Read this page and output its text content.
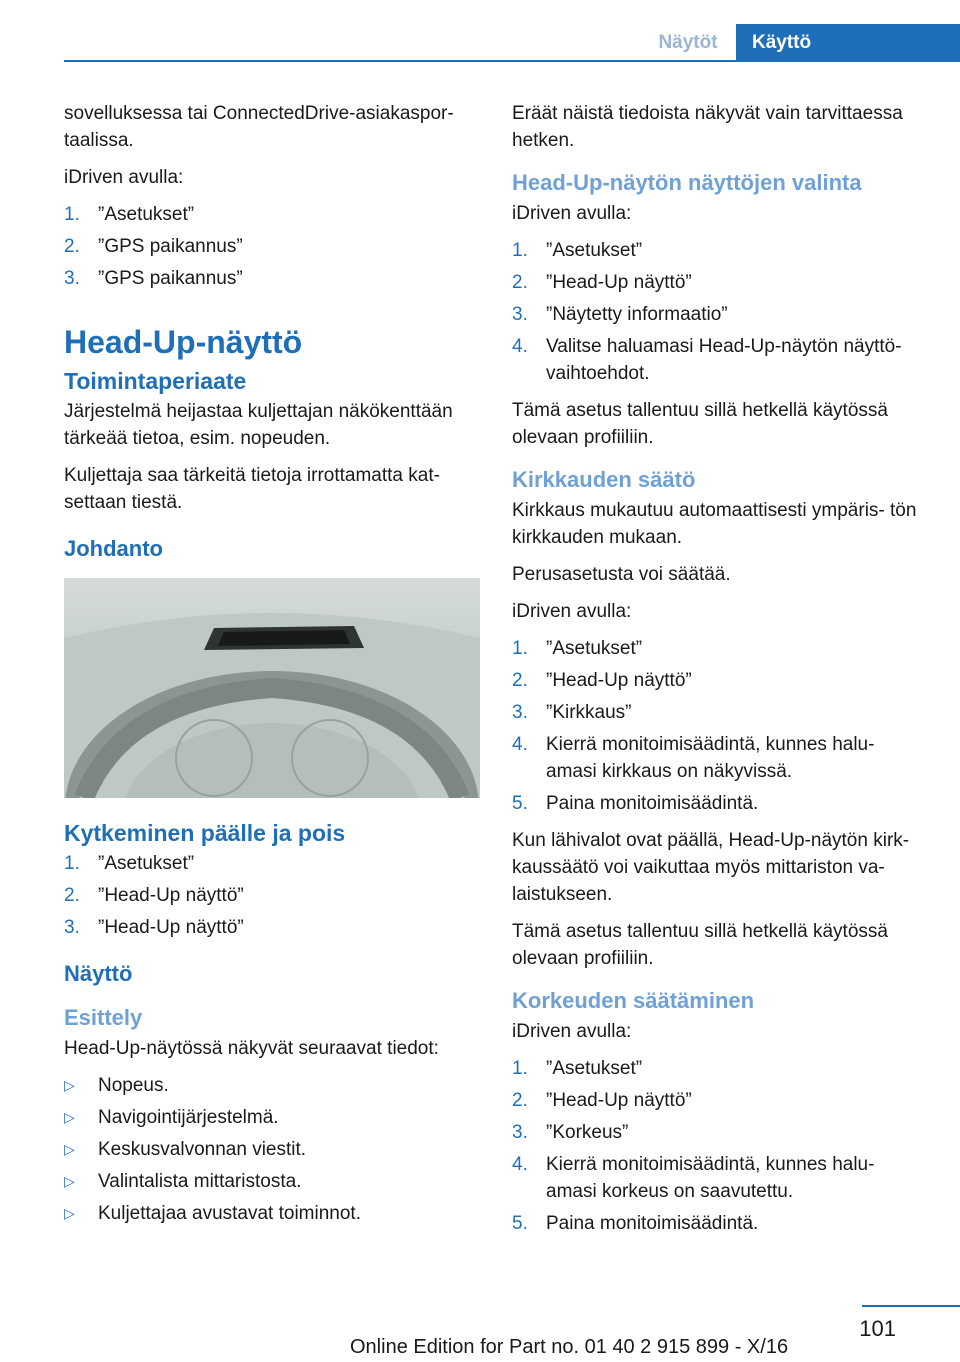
Näytöt	Käyttö

sovelluksessa tai ConnectedDrive-asiakaspor- taalissa.

iDriven avulla:

1. ”Asetukset”
2. ”GPS paikannus”
3. ”GPS paikannus”
Head-Up-näyttö
Toimintaperiaate

Järjestelmä heijastaa kuljettajan näkökenttään tärkeää tietoa, esim. nopeuden.

Kuljettaja saa tärkeitä tietoja irrottamatta kat- settaan tiestä.

Johdanto
Kytkeminen päälle ja pois
1. ”Asetukset”
2. ”Head-Up näyttö”
3. ”Head-Up näyttö”
Näyttö
Esittely

Head-Up-näytössä näkyvät seuraavat tiedot:

▷ Nopeus.
▷ Navigointijärjestelmä.
▷ Keskusvalvonnan viestit.
▷ Valintalista mittaristosta.
▷ Kuljettajaa avustavat toiminnot.

Eräät näistä tiedoista näkyvät vain tarvittaessa hetken.

Head-Up-näytön näyttöjen valinta

iDriven avulla:

1. ”Asetukset”
2. ”Head-Up näyttö”
3. ”Näytetty informaatio”
4. Valitse haluamasi Head-Up-näytön näyttö- vaihtoehdot.

Tämä asetus tallentuu sillä hetkellä käytössä olevaan profiiliin.

Kirkkauden säätö

Kirkkaus mukautuu automaattisesti ympäris- tön kirkkauden mukaan.

Perusasetusta voi säätää.

iDriven avulla:

1. ”Asetukset”
2. ”Head-Up näyttö”
3. ”Kirkkaus”
4. Kierrä monitoimisäädintä, kunnes halu- amasi kirkkaus on näkyvissä.
5. Paina monitoimisäädintä.

Kun lähivalot ovat päällä, Head-Up-näytön kirk- kaussäätö voi vaikuttaa myös mittariston va- laistukseen.

Tämä asetus tallentuu sillä hetkellä käytössä olevaan profiiliin.

Korkeuden säätäminen

iDriven avulla:

1. ”Asetukset”
2. ”Head-Up näyttö”
3. ”Korkeus”
4. Kierrä monitoimisäädintä, kunnes halu- amasi korkeus on saavutettu.
5. Paina monitoimisäädintä.
101
Online Edition for Part no. 01 40 2 915 899 - X/16
